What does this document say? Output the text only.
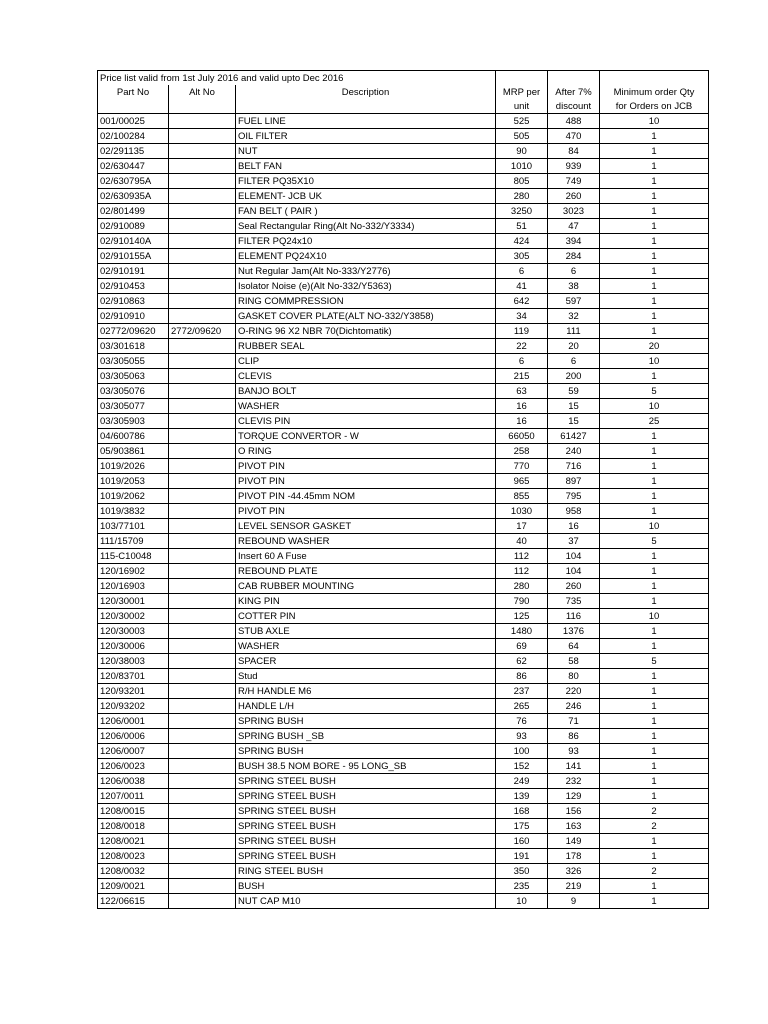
Price list valid from 1st July 2016 and valid upto Dec 2016					
Part No	Alt No	Description	MRP per	After 7%	Minimum order Qty
			unit	discount	for Orders on JCB
001/00025		FUEL LINE	525	488	10
02/100284		OIL FILTER	505	470	1
02/291135		NUT	90	84	1
02/630447		BELT FAN	1010	939	1
02/630795A		FILTER PQ35X10	805	749	1
02/630935A		ELEMENT- JCB UK	280	260	1
02/801499		FAN BELT ( PAIR )	3250	3023	1
02/910089		Seal Rectangular Ring(Alt No-332/Y3334)	51	47	1
02/910140A		FILTER PQ24x10	424	394	1
02/910155A		ELEMENT PQ24X10	305	284	1
02/910191		Nut Regular Jam(Alt No-333/Y2776)	6	6	1
02/910453		Isolator Noise (e)(Alt No-332/Y5363)	41	38	1
02/910863		RING COMMPRESSION	642	597	1
02/910910		GASKET COVER PLATE(ALT NO-332/Y3858)	34	32	1
02772/09620	2772/09620	O-RING 96 X2 NBR 70(Dichtomatik)	119	111	1
03/301618		RUBBER SEAL	22	20	20
03/305055		CLIP	6	6	10
03/305063		CLEVIS	215	200	1
03/305076		BANJO BOLT	63	59	5
03/305077		WASHER	16	15	10
03/305903		CLEVIS PIN	16	15	25
04/600786		TORQUE CONVERTOR - W	66050	61427	1
05/903861		O RING	258	240	1
1019/2026		PIVOT PIN	770	716	1
1019/2053		PIVOT PIN	965	897	1
1019/2062		PIVOT PIN -44.45mm NOM	855	795	1
1019/3832		PIVOT PIN	1030	958	1
103/77101		LEVEL SENSOR GASKET	17	16	10
111/15709		REBOUND WASHER	40	37	5
115-C10048		Insert 60 A Fuse	112	104	1
120/16902		REBOUND PLATE	112	104	1
120/16903		CAB RUBBER MOUNTING	280	260	1
120/30001		KING PIN	790	735	1
120/30002		COTTER PIN	125	116	10
120/30003		STUB AXLE	1480	1376	1
120/30006		WASHER	69	64	1
120/38003		SPACER	62	58	5
120/83701		Stud	86	80	1
120/93201		R/H HANDLE M6	237	220	1
120/93202		HANDLE L/H	265	246	1
1206/0001		SPRING BUSH	76	71	1
1206/0006		SPRING BUSH _SB	93	86	1
1206/0007		SPRING BUSH	100	93	1
1206/0023		BUSH 38.5 NOM BORE - 95 LONG_SB	152	141	1
1206/0038		SPRING STEEL BUSH	249	232	1
1207/0011		SPRING STEEL BUSH	139	129	1
1208/0015		SPRING STEEL BUSH	168	156	2
1208/0018		SPRING STEEL BUSH	175	163	2
1208/0021		SPRING STEEL BUSH	160	149	1
1208/0023		SPRING STEEL BUSH	191	178	1
1208/0032		RING STEEL BUSH	350	326	2
1209/0021		BUSH	235	219	1
122/06615		NUT CAP M10	10	9	1
